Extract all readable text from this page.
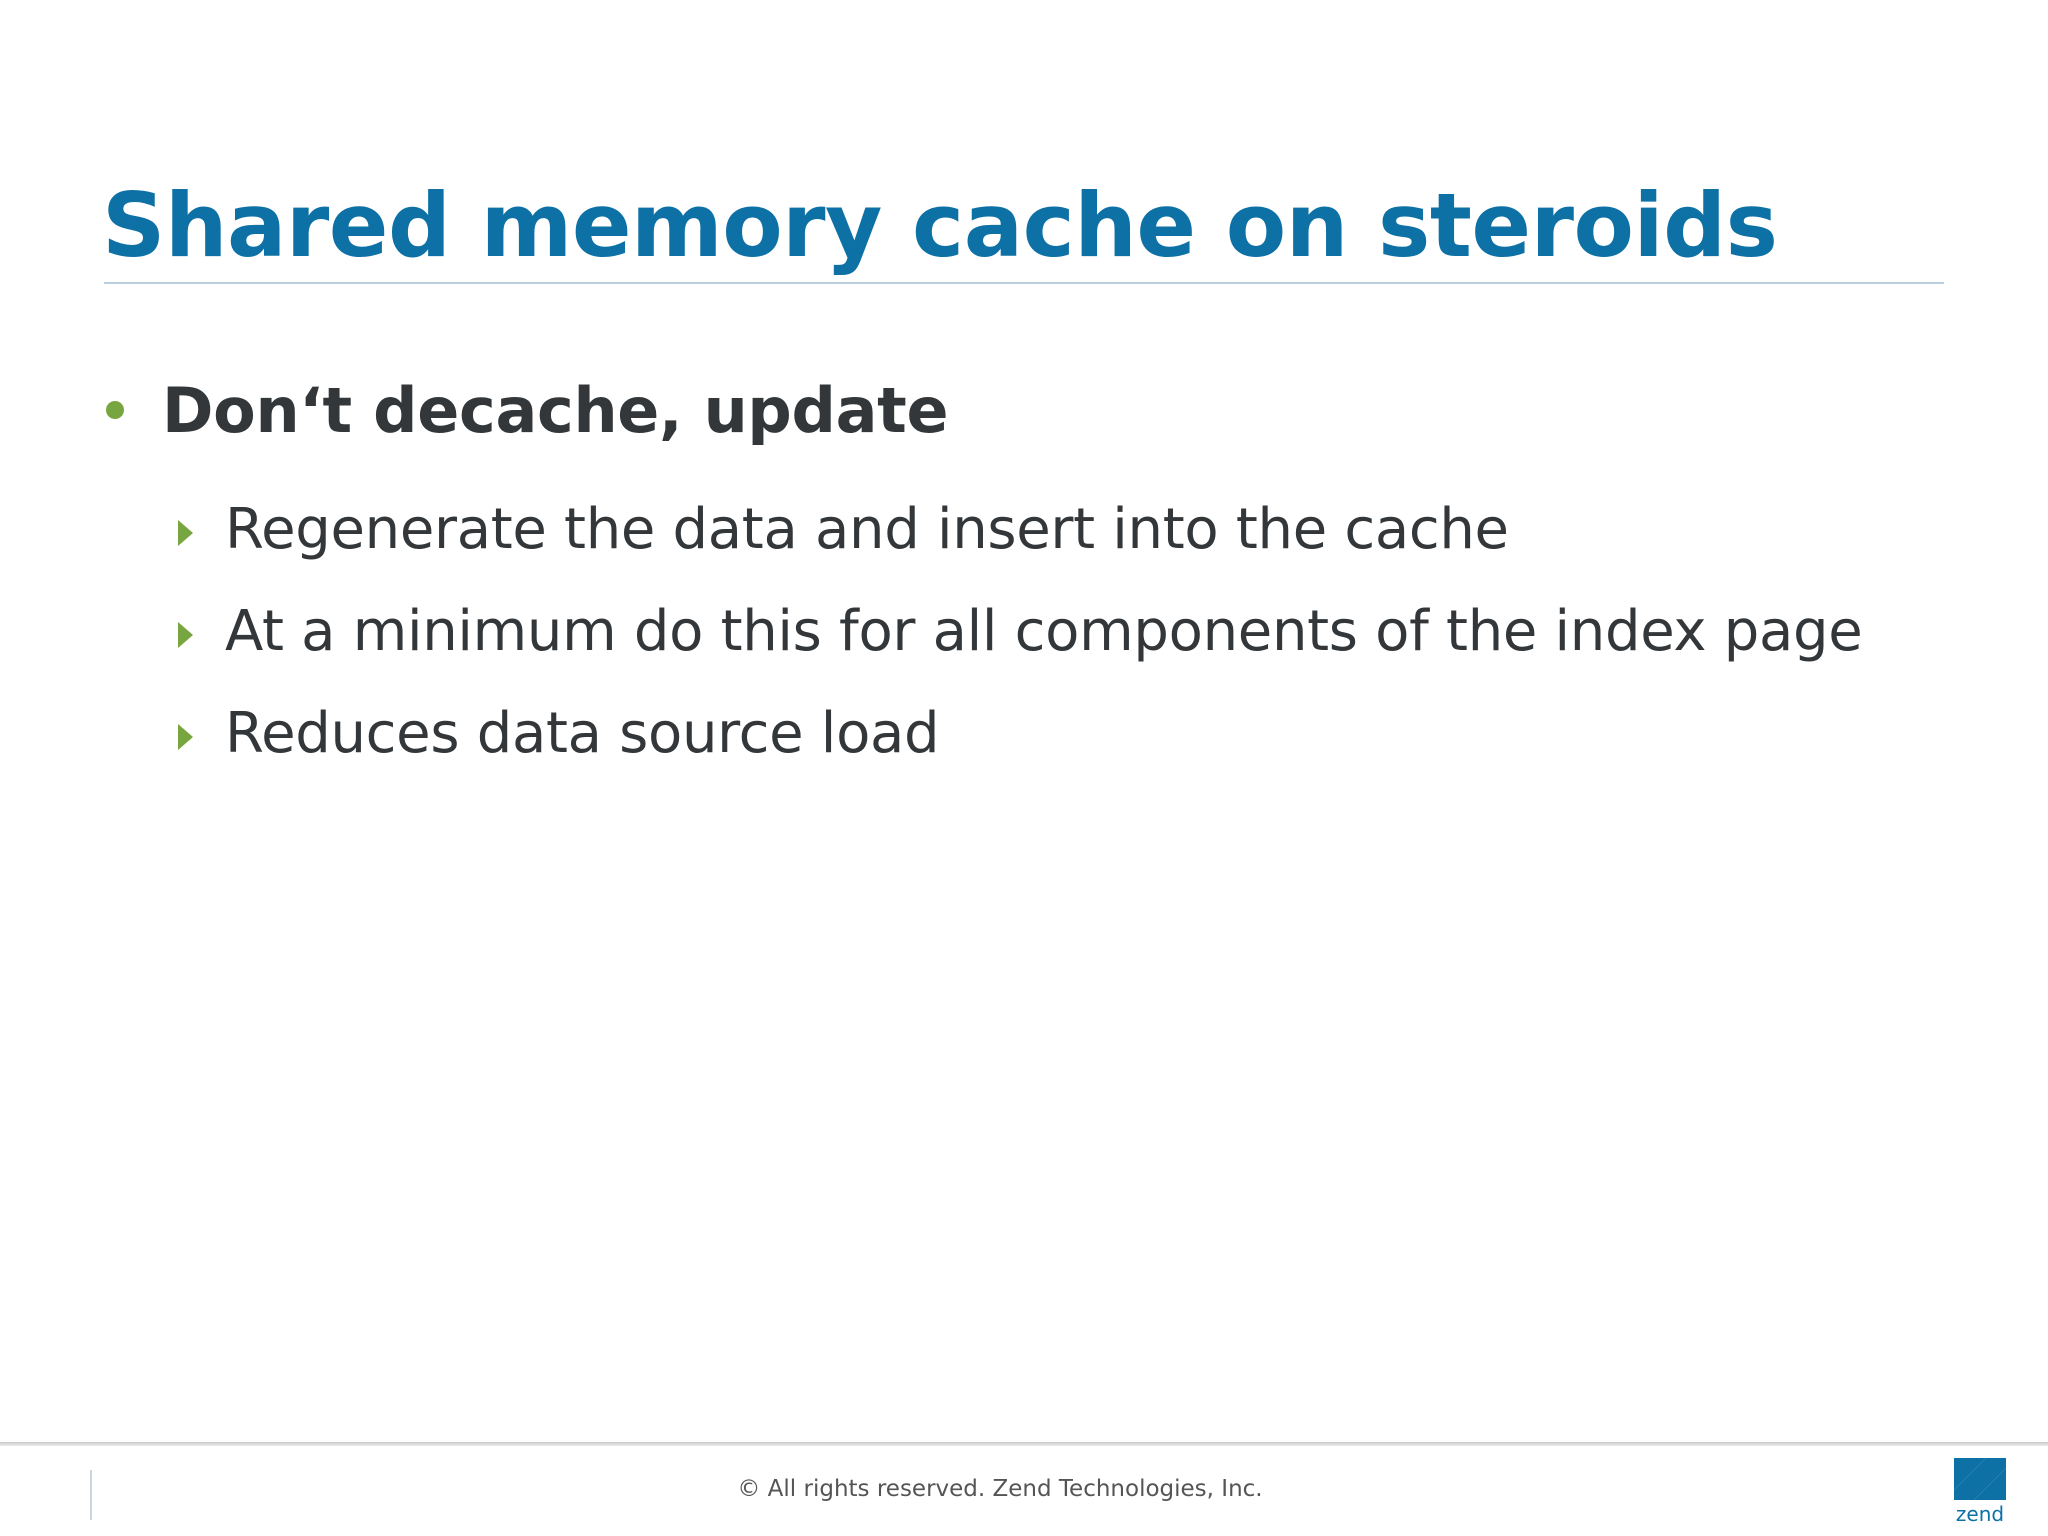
Shared memory cache on steroids
Don‘t decache, update
Regenerate the data and insert into the cache
At a minimum do this for all components of the index page
Reduces data source load
© All rights reserved. Zend Technologies, Inc.
zend
